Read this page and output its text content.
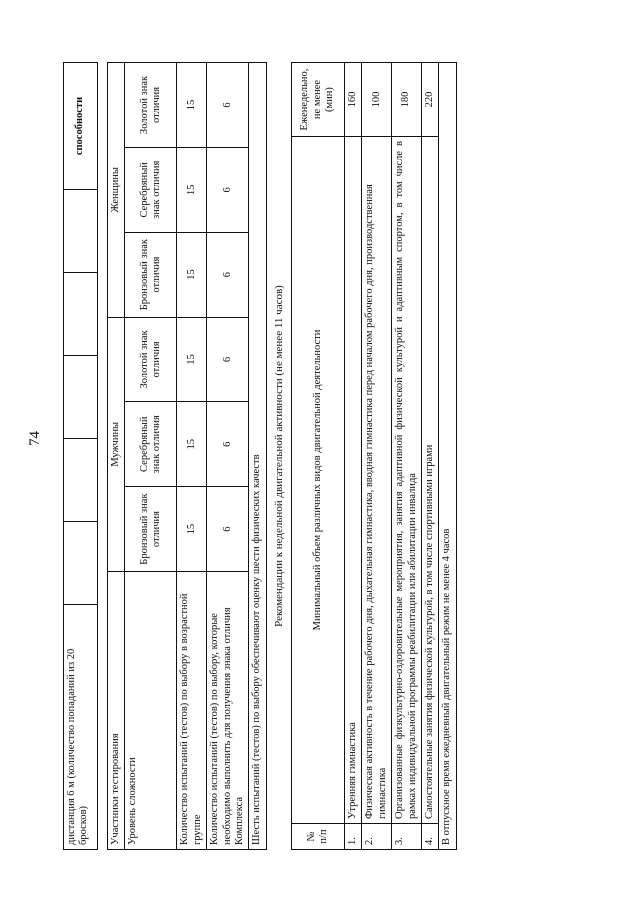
74
дистанция 6 м (количество попаданий из 20 бросков)						способности
Участники тестирования	Мужчины			Женщины		
Уровень сложности	Бронзовый знак отличия	Серебряный знак отличия	Золотой знак отличия	Бронзовый знак отличия	Серебряный знак отличия	Золотой знак отличия
Количество испытаний (тестов) по выбору в возрастной группе	15	15	15	15	15	15
Количество испытаний (тестов) по выбору, которые необходимо выполнить для получения знака отличия Комплекса	6	6	6	6	6	6
Шесть испытаний (тестов) по выбору обеспечивают оценку шести физических качеств						Рекомендации к недельной двигательной активности (не менее 11 часов)
№ п/п	Минимальный объем различных видов двигательной деятельности	Еженедельно, не менее (мин)
1.	Утренняя гимнастика	160
2.	Физическая активность в течение рабочего дня, дыхательная гимнастика, вводная гимнастика перед началом рабочего дня, производственная гимнастика	100
3.	Организованные физкультурно-оздоровительные мероприятия, занятия адаптивной физической культурой и адаптивным спортом, в том числе в рамках индивидуальной программы реабилитации или абилитации инвалида	180
4.	Самостоятельные занятия физической культурой, в том числе спортивными играми	220
В отпускное время ежедневный двигательный режим не менее 4 часов		
